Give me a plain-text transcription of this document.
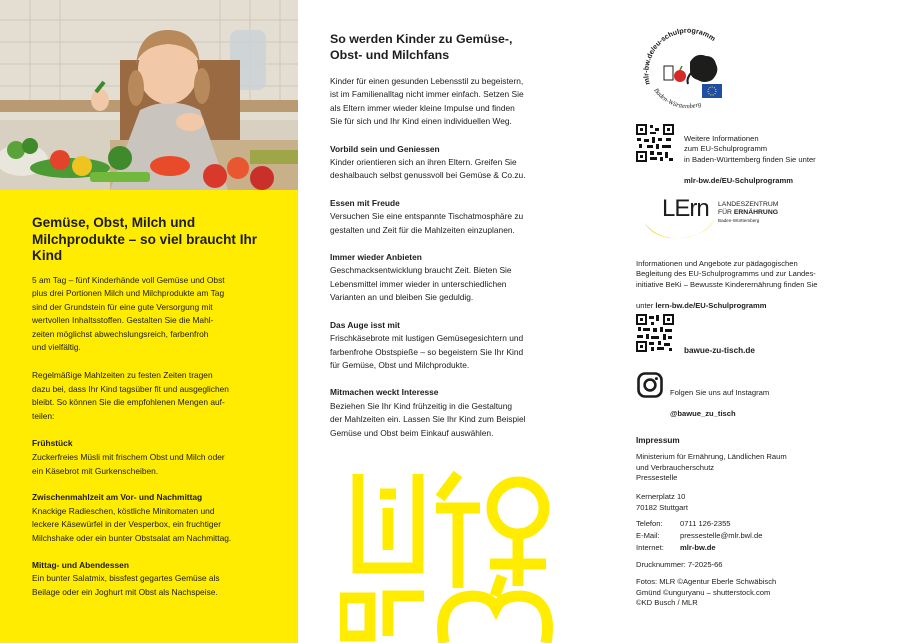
Gemüse, Obst, Milch und Milchprodukte – so viel braucht Ihr Kind
5 am Tag – fünf Kinderhände voll Gemüse und Obst
plus drei Portionen Milch und Milchprodukte am Tag
sind der Grundstein für eine gute Versorgung mit
wertvollen Inhaltsstoffen. Gestalten Sie die Mahl-
zeiten möglichst abwechslungsreich, farbenfroh
und vielfältig.
Regelmäßige Mahlzeiten zu festen Zeiten tragen
dazu bei, dass Ihr Kind tagsüber fit und ausgeglichen
bleibt. So können Sie die empfohlenen Mengen auf-
teilen:
Frühstück
Zuckerfreies Müsli mit frischem Obst und Milch oder
ein Käsebrot mit Gurkenscheiben.
Zwischenmahlzeit am Vor- und Nachmittag
Knackige Radieschen, köstliche Minitomaten und
leckere Käsewürfel in der Vesperbox, ein fruchtiger
Milchshake oder ein bunter Obstsalat am Nachmittag.
Mittag- und Abendessen
Ein bunter Salatmix, bissfest gegartes Gemüse als
Beilage oder ein Joghurt mit Obst als Nachspeise.
So werden Kinder zu Gemüse-,
Obst- und Milchfans
Kinder für einen gesunden Lebensstil zu begeistern,
ist im Familienalltag nicht immer einfach. Setzen Sie
als Eltern immer wieder kleine Impulse und finden
Sie für sich und Ihr Kind einen individuellen Weg.
Vorbild sein und Geniessen
Kinder orientieren sich an ihren Eltern. Greifen Sie
deshalbauch selbst genussvoll bei Gemüse & Co.zu.
Essen mit Freude
Versuchen Sie eine entspannte Tischatmosphäre zu
gestalten und Zeit für die Mahlzeiten einzuplanen.
Immer wieder Anbieten
Geschmacksentwicklung braucht Zeit. Bieten Sie
Lebensmittel immer wieder in unterschiedlichen
Varianten an und bleiben Sie geduldig.
Das Auge isst mit
Frischkäsebrote mit lustigen Gemüsegesichtern und
farbenfrohe Obstspieße – so begeistern Sie Ihr Kind
für Gemüse, Obst und Milchprodukte.
Mitmachen weckt Interesse
Beziehen Sie Ihr Kind frühzeitig in die Gestaltung
der Mahlzeiten ein. Lassen Sie Ihr Kind zum Beispiel
Gemüse und Obst beim Einkauf auswählen.
mlr-bw.de/eu-schulprogramm
Baden-Württemberg

Weitere Informationen
zum EU-Schulprogramm
in Baden-Württemberg finden Sie unter

mlr-bw.de/EU-Schulprogramm

LErn LANDESZENTRUM
FÜR ERNÄHRUNG
Baden-Württemberg

Informationen und Angebote zur pädagogischen
Begleitung des EU-Schulprogramms und zur Landes-
initiative BeKi – Bewusste Kinderernährung finden Sie

unter lern-bw.de/EU-Schulprogramm

bawue-zu-tisch.de

Folgen Sie uns auf Instagram

@bawue_zu_tisch

Impressum
Ministerium für Ernährung, Ländlichen Raum
und Verbraucherschutz
Pressestelle
Kernerplatz 10
70182 Stuttgart
Telefon:	0711 126-2355
E-Mail:	pressestelle@mlr.bwl.de
Internet:	mlr-bw.de
Drucknummer: 7-2025-66
Fotos: MLR ©Agentur Eberle Schwäbisch
Gmünd ©unguryanu – shutterstock.com
©KD Busch / MLR
